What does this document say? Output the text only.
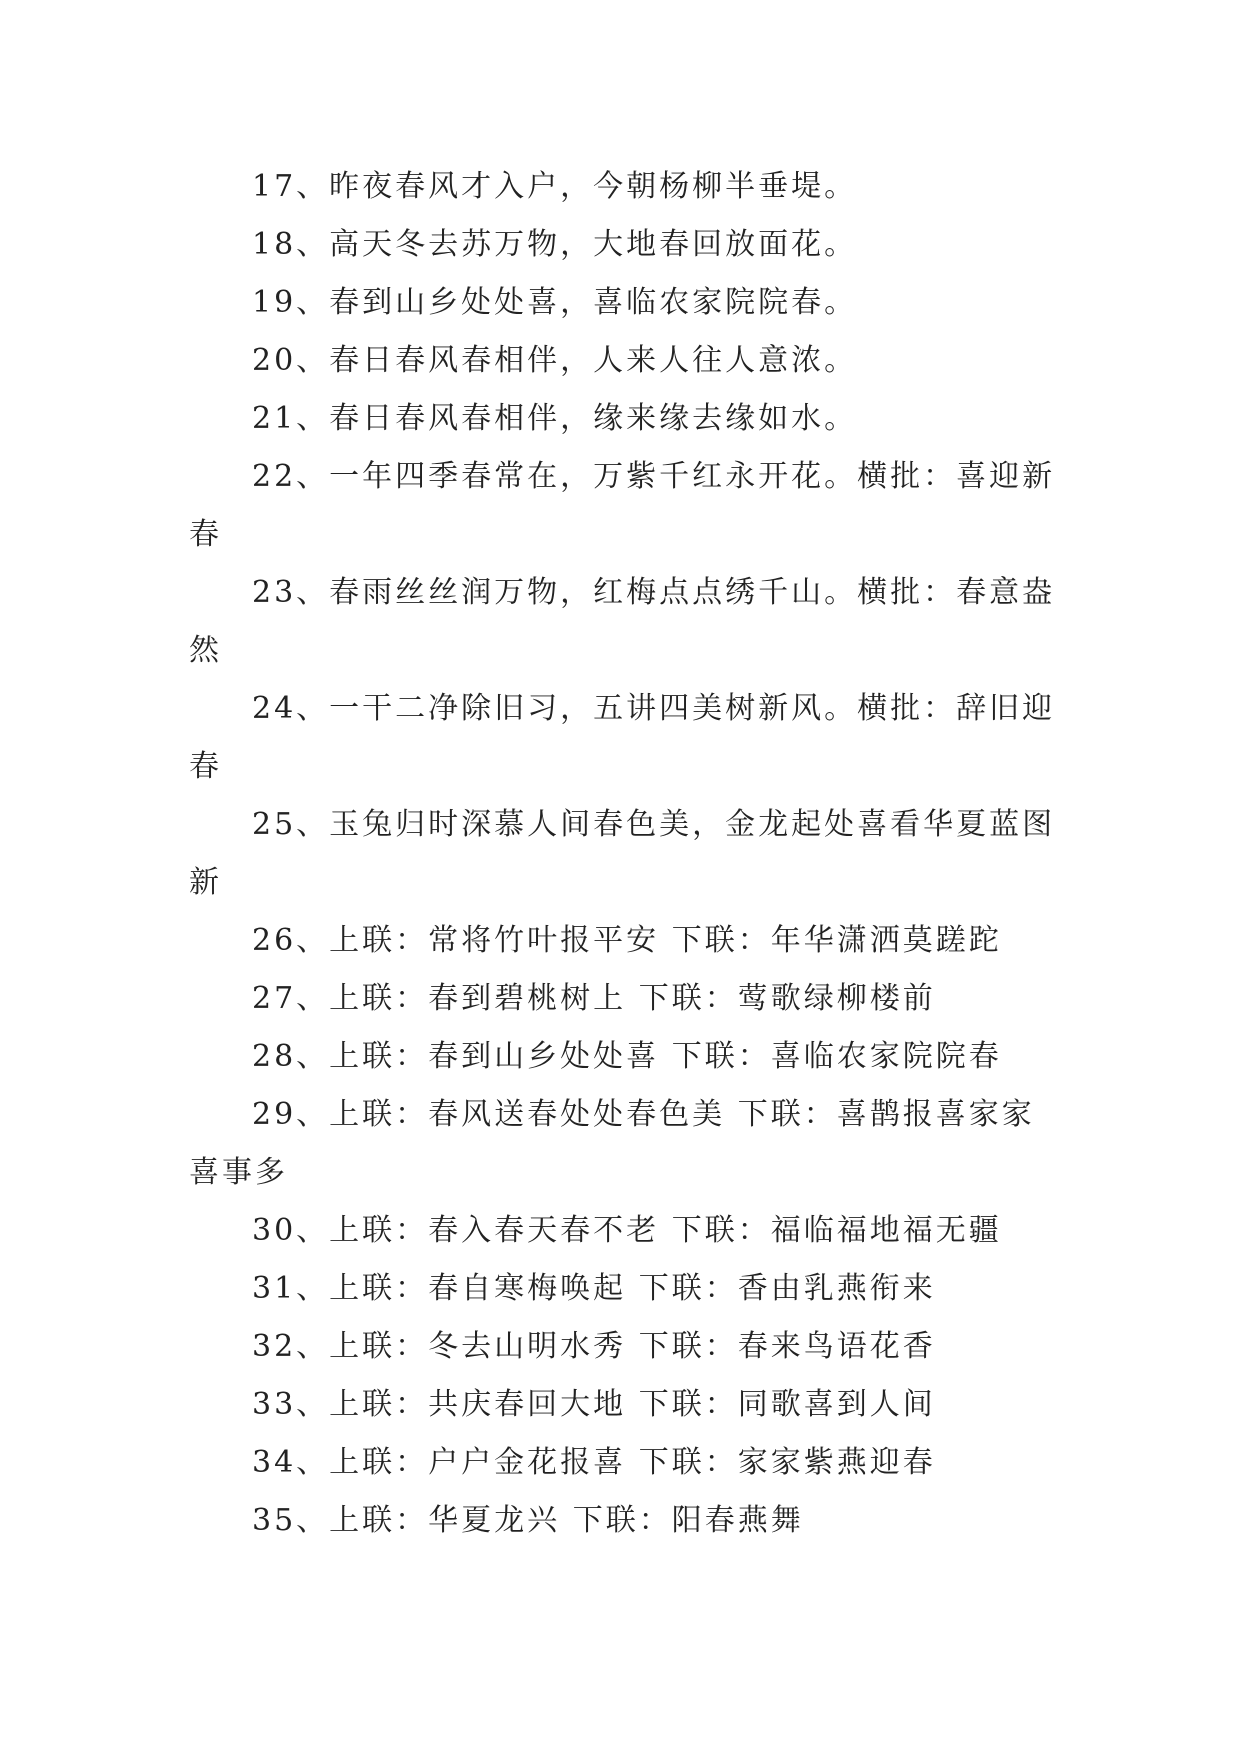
17、昨夜春风才入户，今朝杨柳半垂堤。
18、高天冬去苏万物，大地春回放面花。
19、春到山乡处处喜，喜临农家院院春。
20、春日春风春相伴，人来人往人意浓。
21、春日春风春相伴，缘来缘去缘如水。
22、一年四季春常在，万紫千红永开花。横批：喜迎新
春
23、春雨丝丝润万物，红梅点点绣千山。横批：春意盎
然
24、一干二净除旧习，五讲四美树新风。横批：辞旧迎
春
25、玉兔归时深慕人间春色美，金龙起处喜看华夏蓝图
新
26、上联：常将竹叶报平安 下联：年华潇洒莫蹉跎
27、上联：春到碧桃树上 下联：莺歌绿柳楼前
28、上联：春到山乡处处喜 下联：喜临农家院院春
29、上联：春风送春处处春色美 下联：喜鹊报喜家家
喜事多
30、上联：春入春天春不老 下联：福临福地福无疆
31、上联：春自寒梅唤起 下联：香由乳燕衔来
32、上联：冬去山明水秀 下联：春来鸟语花香
33、上联：共庆春回大地 下联：同歌喜到人间
34、上联：户户金花报喜 下联：家家紫燕迎春
35、上联：华夏龙兴 下联：阳春燕舞
